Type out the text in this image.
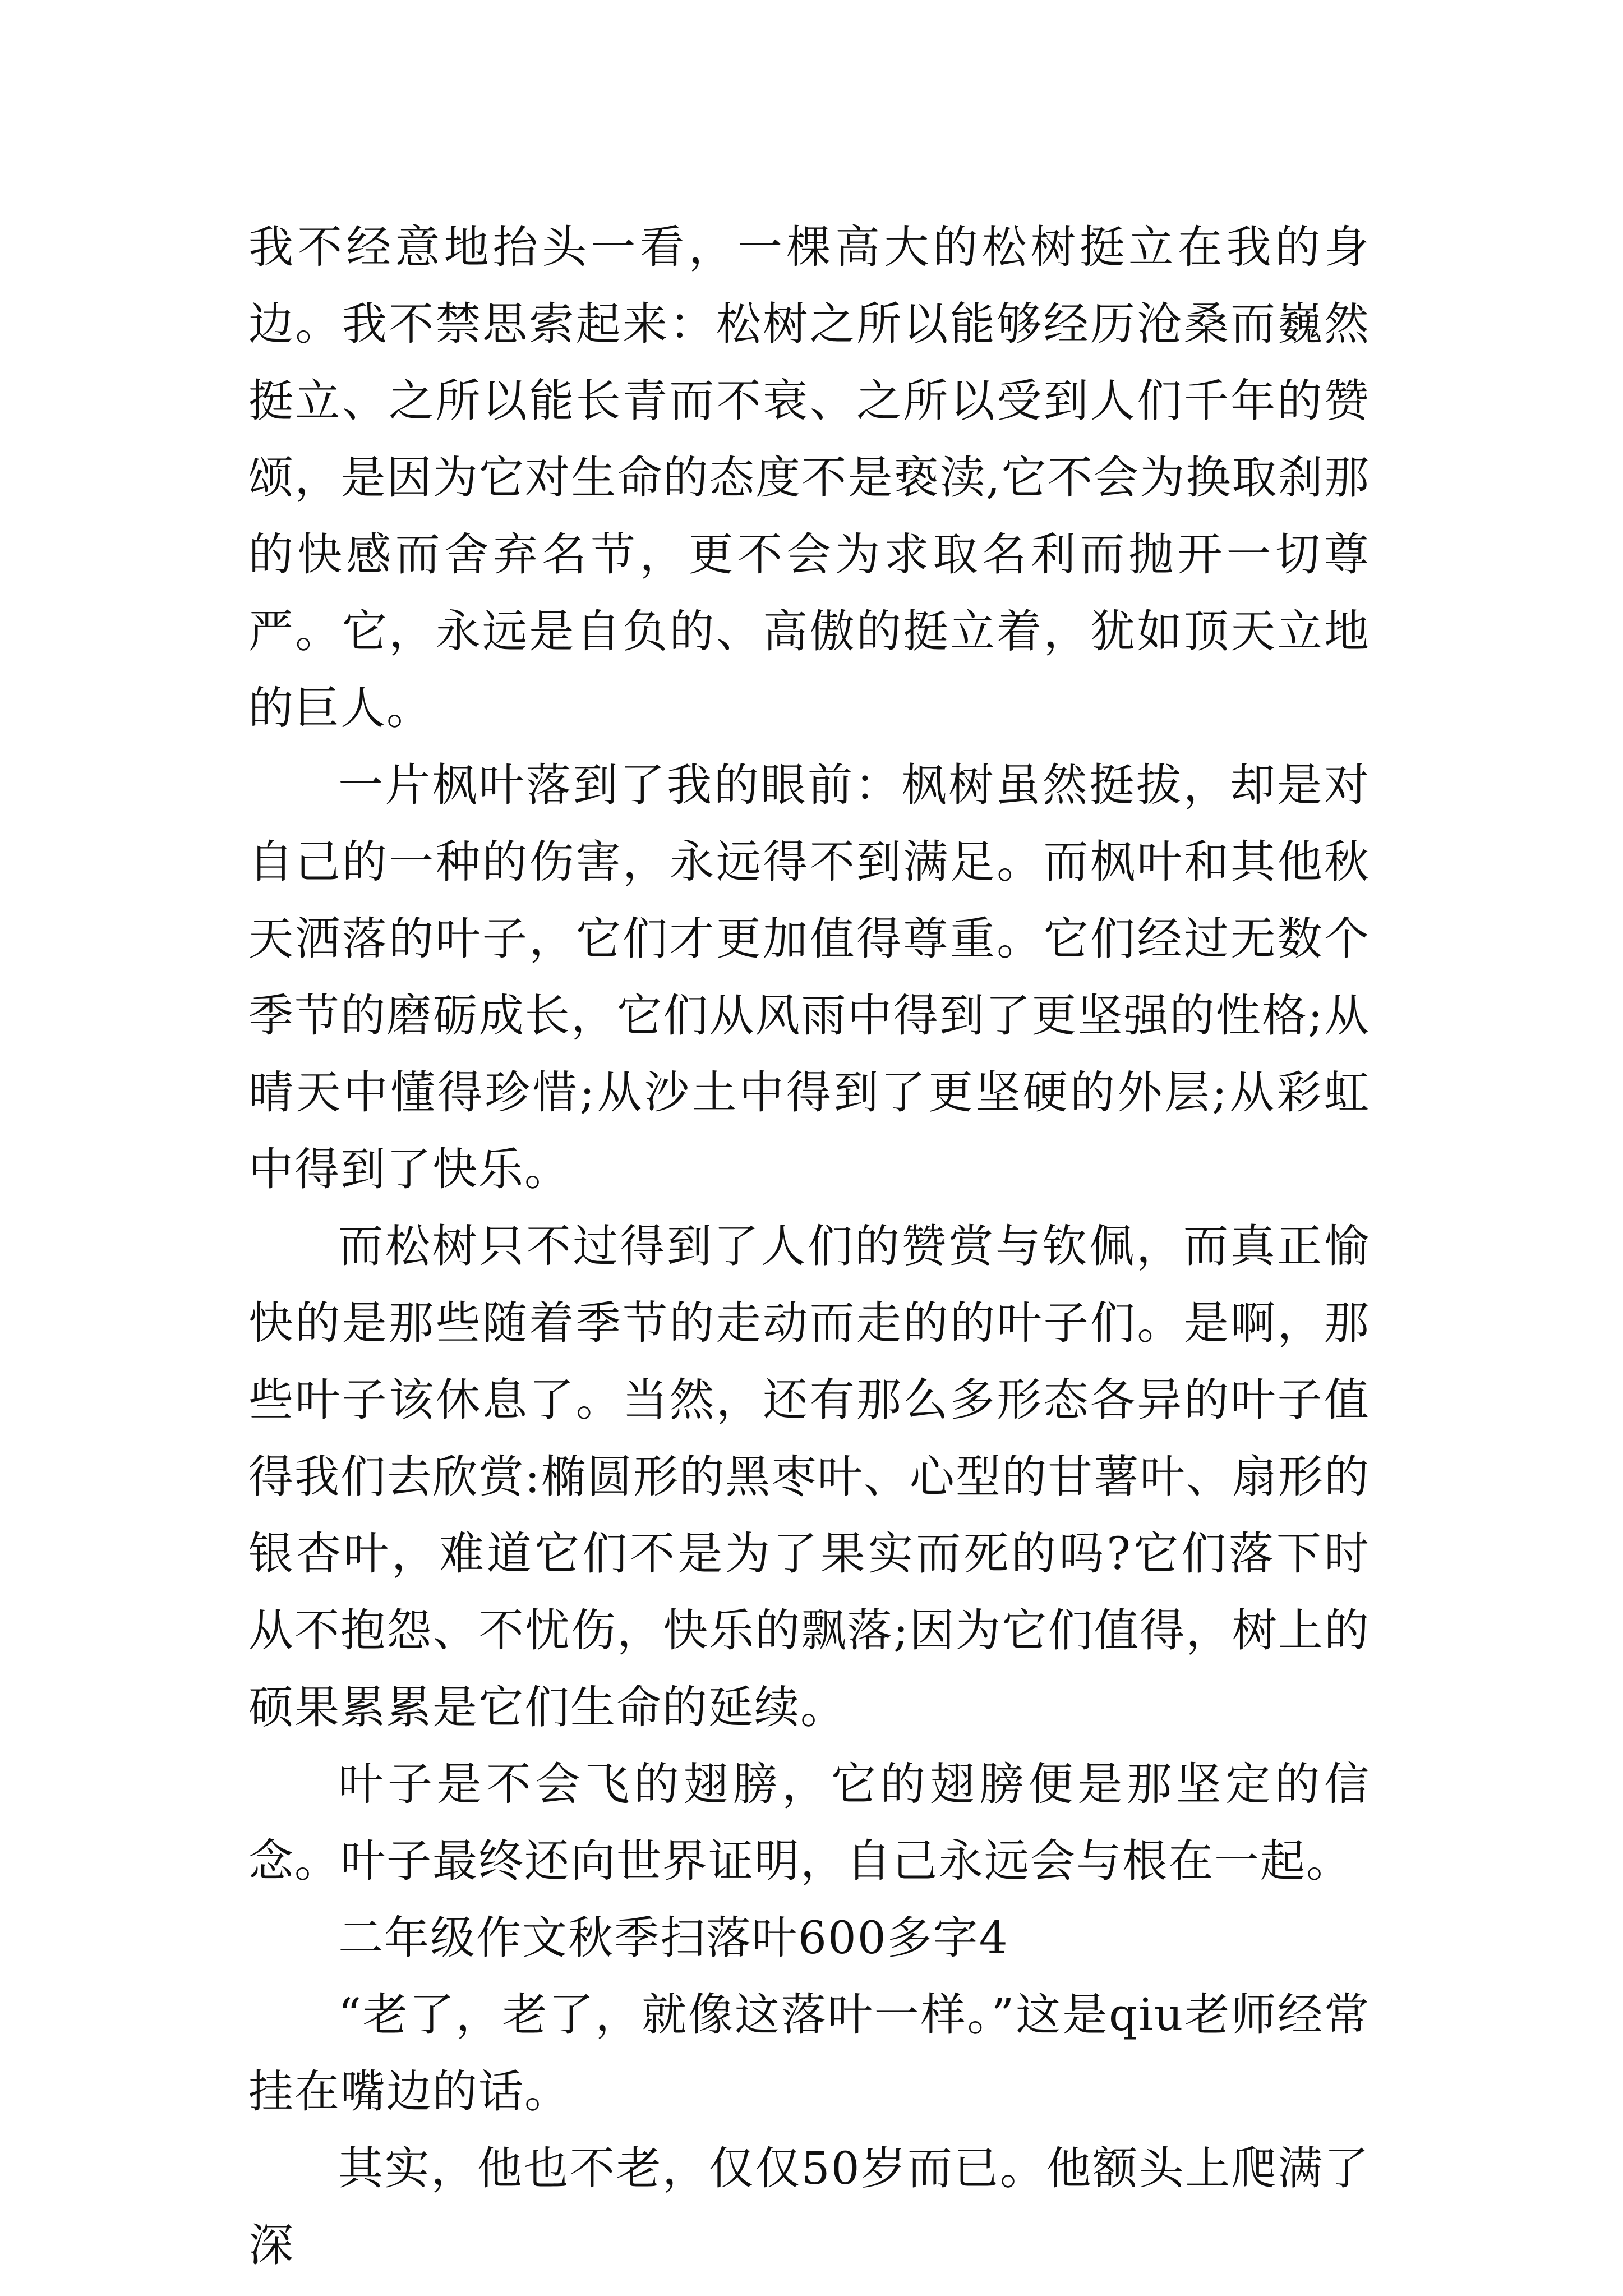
我不经意地抬头一看，一棵高大的松树挺立在我的身边。我不禁思索起来：松树之所以能够经历沧桑而巍然挺立、之所以能长青而不衰、之所以受到人们千年的赞颂，是因为它对生命的态度不是亵渎,它不会为换取刹那的快感而舍弃名节，更不会为求取名利而抛开一切尊严。它，永远是自负的、高傲的挺立着，犹如顶天立地的巨人。

一片枫叶落到了我的眼前：枫树虽然挺拔，却是对自己的一种的伤害，永远得不到满足。而枫叶和其他秋天洒落的叶子，它们才更加值得尊重。它们经过无数个季节的磨砺成长，它们从风雨中得到了更坚强的性格;从晴天中懂得珍惜;从沙土中得到了更坚硬的外层;从彩虹中得到了快乐。

而松树只不过得到了人们的赞赏与钦佩，而真正愉快的是那些随着季节的走动而走的的叶子们。是啊，那些叶子该休息了。当然，还有那么多形态各异的叶子值得我们去欣赏:椭圆形的黑枣叶、心型的甘薯叶、扇形的银杏叶，难道它们不是为了果实而死的吗?它们落下时从不抱怨、不忧伤，快乐的飘落;因为它们值得，树上的硕果累累是它们生命的延续。

叶子是不会飞的翅膀，它的翅膀便是那坚定的信念。叶子最终还向世界证明，自己永远会与根在一起。

二年级作文秋季扫落叶600多字4

“老了，老了，就像这落叶一样。”这是qiu老师经常挂在嘴边的话。

其实，他也不老，仅仅50岁而已。他额头上爬满了深
